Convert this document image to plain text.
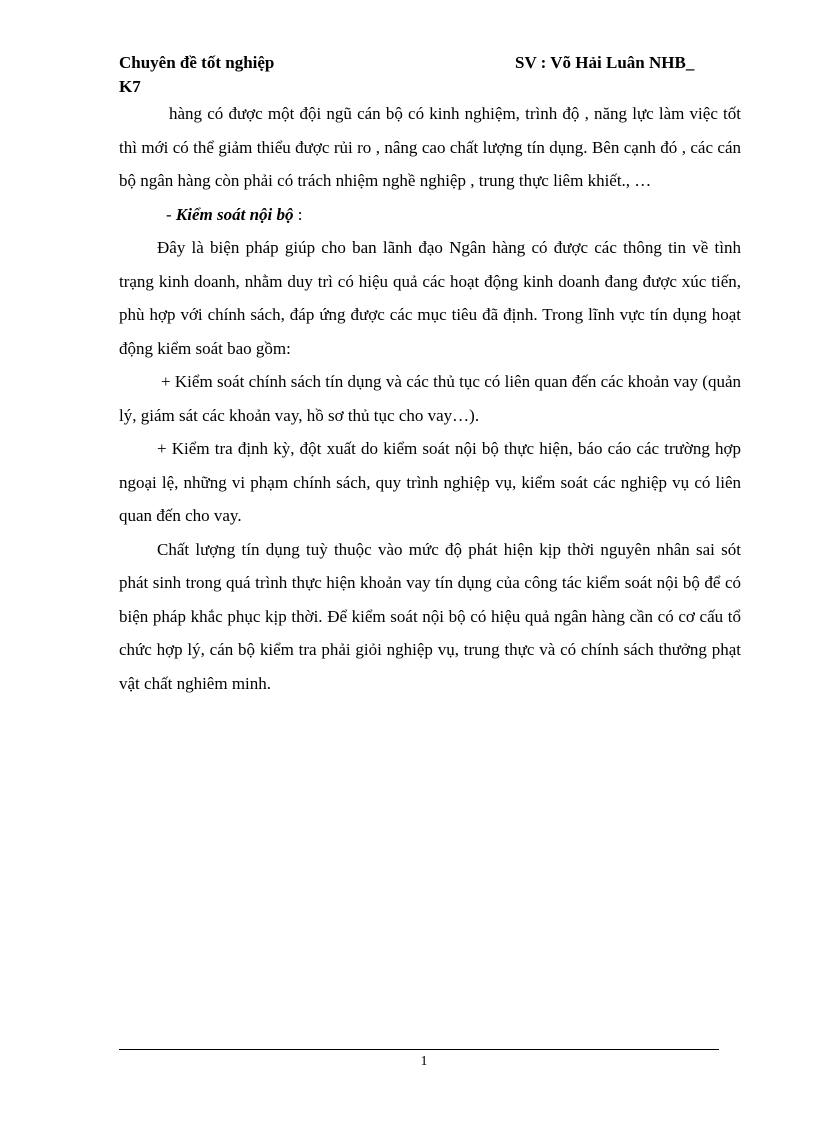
Chuyên đề tốt nghiệp	SV : Võ Hải Luân NHB_
K7

hàng có được một đội ngũ cán bộ có kinh nghiệm, trình độ , năng lực làm việc tốt thì mới có thể giảm thiểu được rủi ro , nâng cao chất lượng tín dụng. Bên cạnh đó , các cán bộ ngân hàng còn phải có trách nhiệm nghề nghiệp , trung thực liêm khiết., …

- Kiểm soát nội bộ :

Đây là biện pháp giúp cho ban lãnh đạo Ngân hàng có được các thông tin về tình trạng kinh doanh, nhằm duy trì có hiệu quả các hoạt động kinh doanh đang được xúc tiến, phù hợp với chính sách, đáp ứng được các mục tiêu đã định. Trong lĩnh vực tín dụng hoạt động kiểm soát bao gồm:

+ Kiểm soát chính sách tín dụng và các thủ tục có liên quan đến các khoản vay (quản lý, giám sát các khoản vay, hồ sơ thủ tục cho vay…).

+ Kiểm tra định kỳ, đột xuất do kiểm soát nội bộ thực hiện, báo cáo các trường hợp ngoại lệ, những vi phạm chính sách, quy trình nghiệp vụ, kiểm soát các nghiệp vụ có liên quan đến cho vay.

Chất lượng tín dụng tuỳ thuộc vào mức độ phát hiện kịp thời nguyên nhân sai sót phát sinh trong quá trình thực hiện khoản vay tín dụng của công tác kiểm soát nội bộ để có biện pháp khắc phục kịp thời. Để kiểm soát nội bộ có hiệu quả ngân hàng cần có cơ cấu tổ chức hợp lý, cán bộ kiểm tra phải giỏi nghiệp vụ, trung thực và có chính sách thưởng phạt vật chất nghiêm minh.

1
